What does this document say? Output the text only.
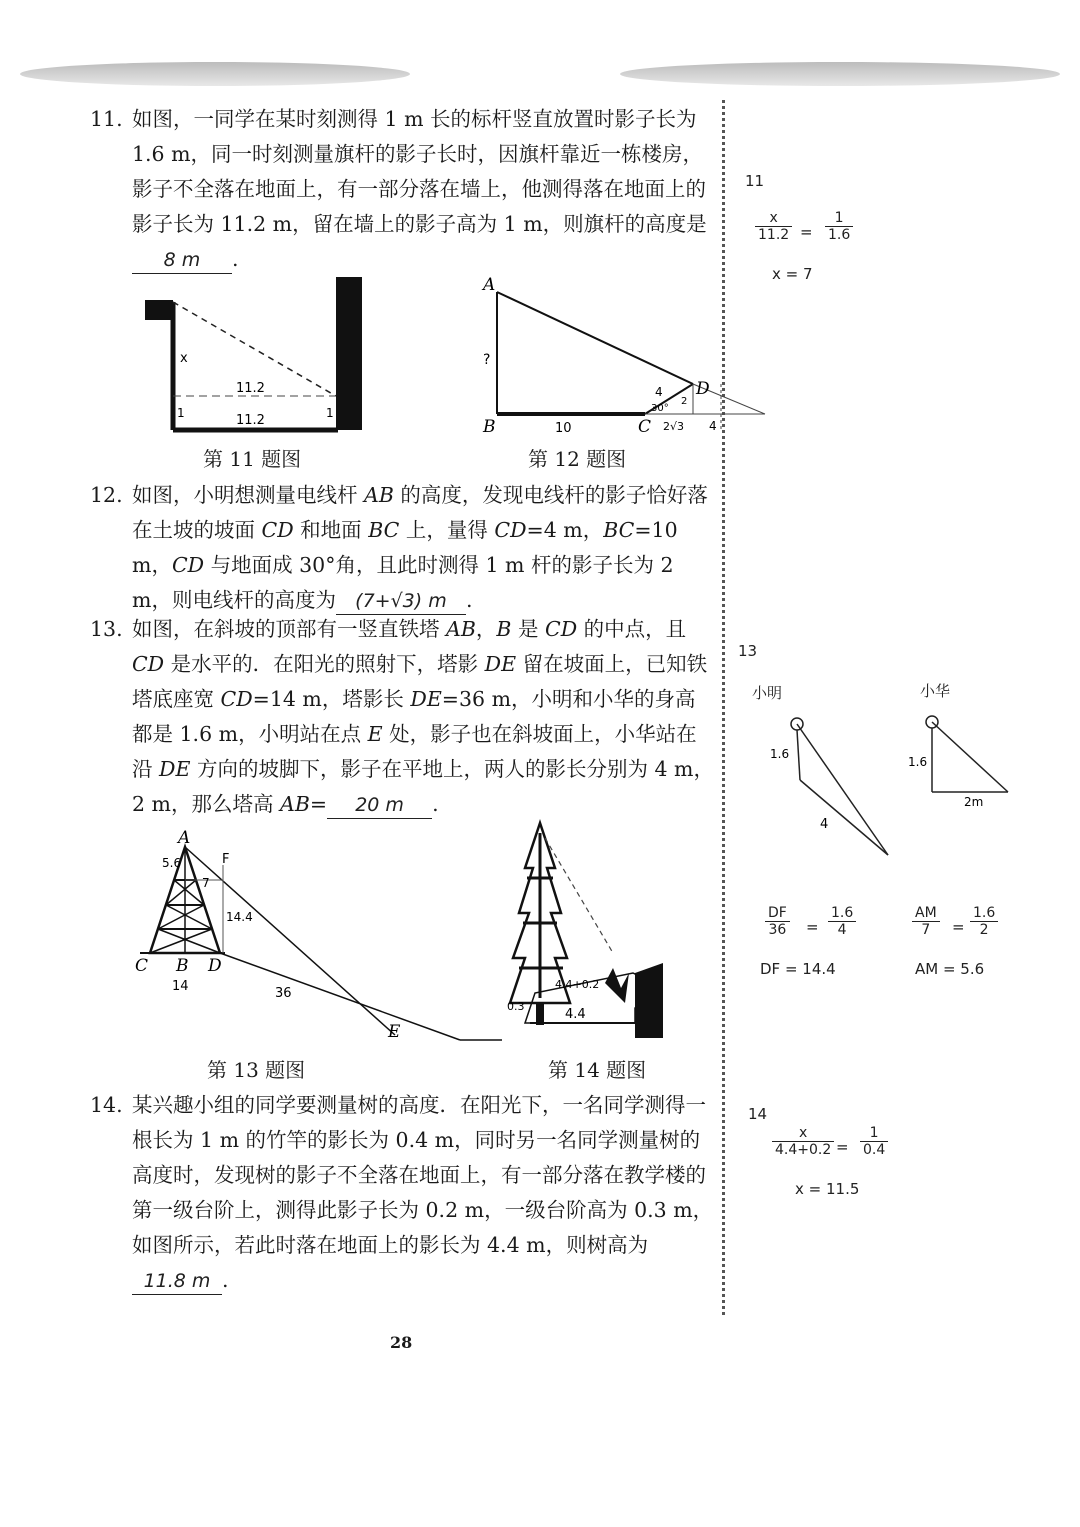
11. 如图，一同学在某时刻测得 1 m 长的标杆竖直放置时影子长为 1.6 m，同一时刻测量旗杆的影子长时，因旗杆靠近一栋楼房，影子不全落在地面上，有一部分落在墙上，他测得落在地面上的影子长为 11.2 m，留在墙上的影子高为 1 m，则旗杆的高度是 8 m .
x
11.2
11.2
1	1
第 11 题图
A
B	C
D
?
10
4
30°
2
2√3 4
第 12 题图
12. 如图，小明想测量电线杆 AB 的高度，发现电线杆的影子恰好落在土坡的坡面 CD 和地面 BC 上，量得 CD=4 m，BC=10 m，CD 与地面成 30°角，且此时测得 1 m 杆的影子长为 2 m，则电线杆的高度为 (7+√3) m .
13. 如图，在斜坡的顶部有一竖直铁塔 AB，B 是 CD 的中点，且 CD 是水平的．在阳光的照射下，塔影 DE 留在坡面上，已知铁塔底座宽 CD=14 m，塔影长 DE=36 m，小明和小华的身高都是 1.6 m，小明站在点 E 处，影子也在斜坡面上，小华站在沿 DE 方向的坡脚下，影子在平地上，两人的影长分别为 4 m，2 m，那么塔高 AB= 20 m .
A
C B D
E
F
5.6
7
14.4
14	36
第 13 题图
4.4+0.2
4.4
0.3
第 14 题图
14. 某兴趣小组的同学要测量树的高度．在阳光下，一名同学测得一根长为 1 m 的竹竿的影长为 0.4 m，同时另一名同学测量树的高度时，发现树的影子不全落在地面上，有一部分落在教学楼的第一级台阶上，测得此影子长为 0.2 m，一级台阶高为 0.3 m，如图所示，若此时落在地面上的影长为 4.4 m，则树高为 11.8 m .
11
$\frac{x}{11.2} = \frac{1}{1.6}$
x = 7
13
小明	小华
1.6
4
1.6
2m
$\frac{DF}{36} = \frac{1.6}{4}$
DF = 14.4
$\frac{AM}{7} = \frac{1.6}{2}$
AM = 5.6
14
$\frac{x}{4.4+0.2} = \frac{1}{0.4}$
x = 11.5
28
